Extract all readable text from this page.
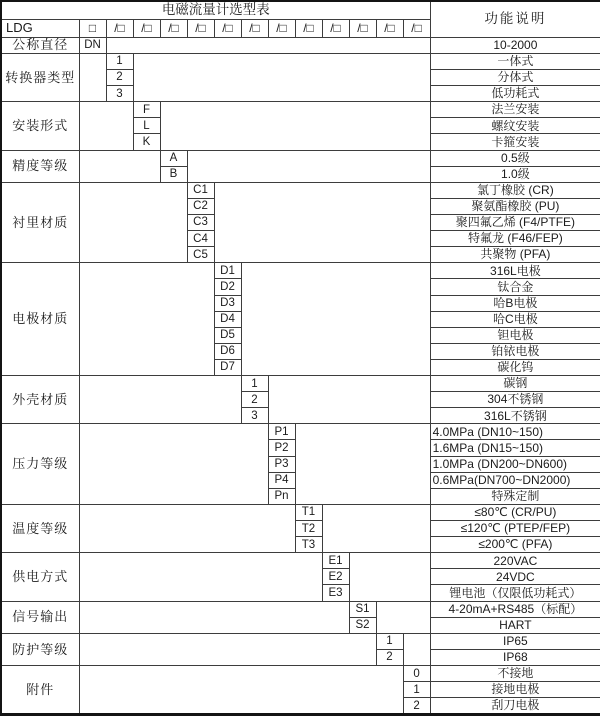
电磁流量计选型表														功能说明
LDG	□	/□	/□	/□	/□	/□	/□	/□	/□	/□	/□	/□	/□	
公称直径	DN													10-2000
转换器类型		1												一体式
		2												分体式
		3												低功耗式
安装形式			F											法兰安装
			L											螺纹安装
			K											卡箍安装
精度等级				A										0.5级
				B										1.0级
衬里材质					C1									氯丁橡胶 (CR)
					C2									聚氨酯橡胶 (PU)
					C3									聚四氟乙烯 (F4/PTFE)
					C4									特氟龙 (F46/FEP)
					C5									共聚物 (PFA)
电极材质						D1								316L电极
						D2								钛合金
						D3								哈B电极
						D4								哈C电极
						D5								钽电极
						D6								铂铱电极
						D7								碳化钨
外壳材质							1							碳钢
							2							304不锈钢
							3							316L不锈钢
压力等级								P1						4.0MPa (DN10~150)
								P2						1.6MPa (DN15~150)
								P3						1.0MPa (DN200~DN600)
								P4						0.6MPa(DN700~DN2000)
								Pn						特殊定制
温度等级									T1					≤80℃ (CR/PU)
									T2					≤120℃ (PTEP/FEP)
									T3					≤200℃ (PFA)
供电方式										E1				220VAC
										E2				24VDC
										E3				锂电池（仅限低功耗式）
信号输出											S1			4-20mA+RS485（标配）
											S2			HART
防护等级												1		IP65
												2		IP68
附件													0	不接地
													1	接地电极
													2	刮刀电极
